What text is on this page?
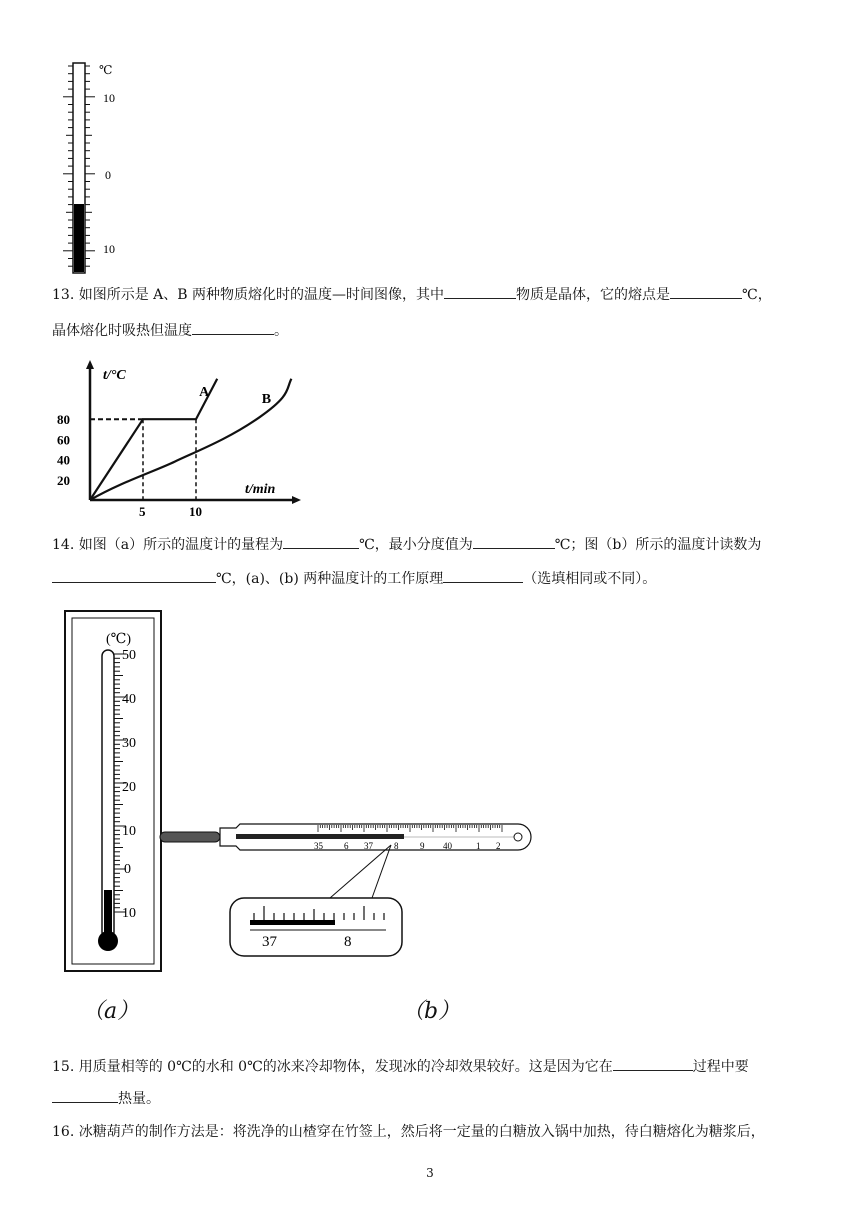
℃
10
0
10
13. 如图所示是 A、B 两种物质熔化时的温度—时间图像，其中	物质是晶体，它的熔点是	℃，
晶体熔化时吸热但温度	。
t/°C
t/min
80
60
40
20
5	10
A	B
14. 如图（a）所示的温度计的量程为	℃，最小分度值为	℃；图（b）所示的温度计读数为
℃，(a)、(b) 两种温度计的工作原理	（选填相同或不同）。
(℃)
50
40
30
20
10
0
10
（a）
35 6 37 8 9 40	1 2
37	8
（b）
15. 用质量相等的 0℃的水和 0℃的冰来冷却物体，发现冰的冷却效果较好。这是因为它在	过程中要
热量。
16. 冰糖葫芦的制作方法是：将洗净的山楂穿在竹签上，然后将一定量的白糖放入锅中加热，待白糖熔化为糖浆后，
3
